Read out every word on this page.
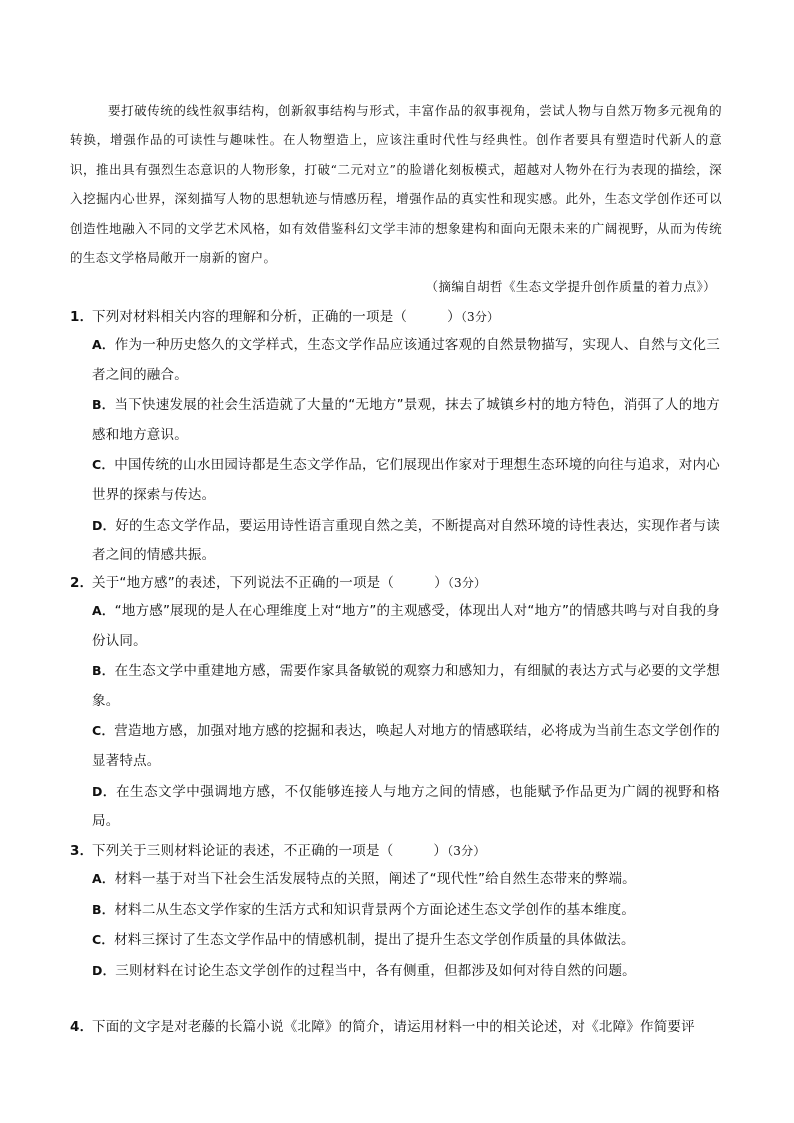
要打破传统的线性叙事结构，创新叙事结构与形式，丰富作品的叙事视角，尝试人物与自然万物多元视角的转换，增强作品的可读性与趣味性。在人物塑造上，应该注重时代性与经典性。创作者要具有塑造时代新人的意识，推出具有强烈生态意识的人物形象，打破“二元对立”的脸谱化刻板模式，超越对人物外在行为表现的描绘，深入挖掘内心世界，深刻描写人物的思想轨迹与情感历程，增强作品的真实性和现实感。此外，生态文学创作还可以创造性地融入不同的文学艺术风格，如有效借鉴科幻文学丰沛的想象建构和面向无限未来的广阔视野，从而为传统的生态文学格局敞开一扇新的窗户。

（摘编自胡哲《生态文学提升创作质量的着力点》）

1．下列对材料相关内容的理解和分析，正确的一项是（	）（3分）

A．作为一种历史悠久的文学样式，生态文学作品应该通过客观的自然景物描写，实现人、自然与文化三者之间的融合。

B．当下快速发展的社会生活造就了大量的“无地方”景观，抹去了城镇乡村的地方特色，消弭了人的地方感和地方意识。

C．中国传统的山水田园诗都是生态文学作品，它们展现出作家对于理想生态环境的向往与追求，对内心世界的探索与传达。

D．好的生态文学作品，要运用诗性语言重现自然之美，不断提高对自然环境的诗性表达，实现作者与读者之间的情感共振。

2．关于“地方感”的表述，下列说法不正确的一项是（	）（3分）

A．“地方感”展现的是人在心理维度上对“地方”的主观感受，体现出人对“地方”的情感共鸣与对自我的身份认同。

B．在生态文学中重建地方感，需要作家具备敏锐的观察力和感知力，有细腻的表达方式与必要的文学想象。

C．营造地方感，加强对地方感的挖掘和表达，唤起人对地方的情感联结，必将成为当前生态文学创作的显著特点。

D．在生态文学中强调地方感，不仅能够连接人与地方之间的情感，也能赋予作品更为广阔的视野和格局。

3．下列关于三则材料论证的表述，不正确的一项是（	）（3分）

A．材料一基于对当下社会生活发展特点的关照，阐述了“现代性”给自然生态带来的弊端。

B．材料二从生态文学作家的生活方式和知识背景两个方面论述生态文学创作的基本维度。

C．材料三探讨了生态文学作品中的情感机制，提出了提升生态文学创作质量的具体做法。

D．三则材料在讨论生态文学创作的过程当中，各有侧重，但都涉及如何对待自然的问题。

4．下面的文字是对老藤的长篇小说《北障》的简介，请运用材料一中的相关论述，对《北障》作简要评
